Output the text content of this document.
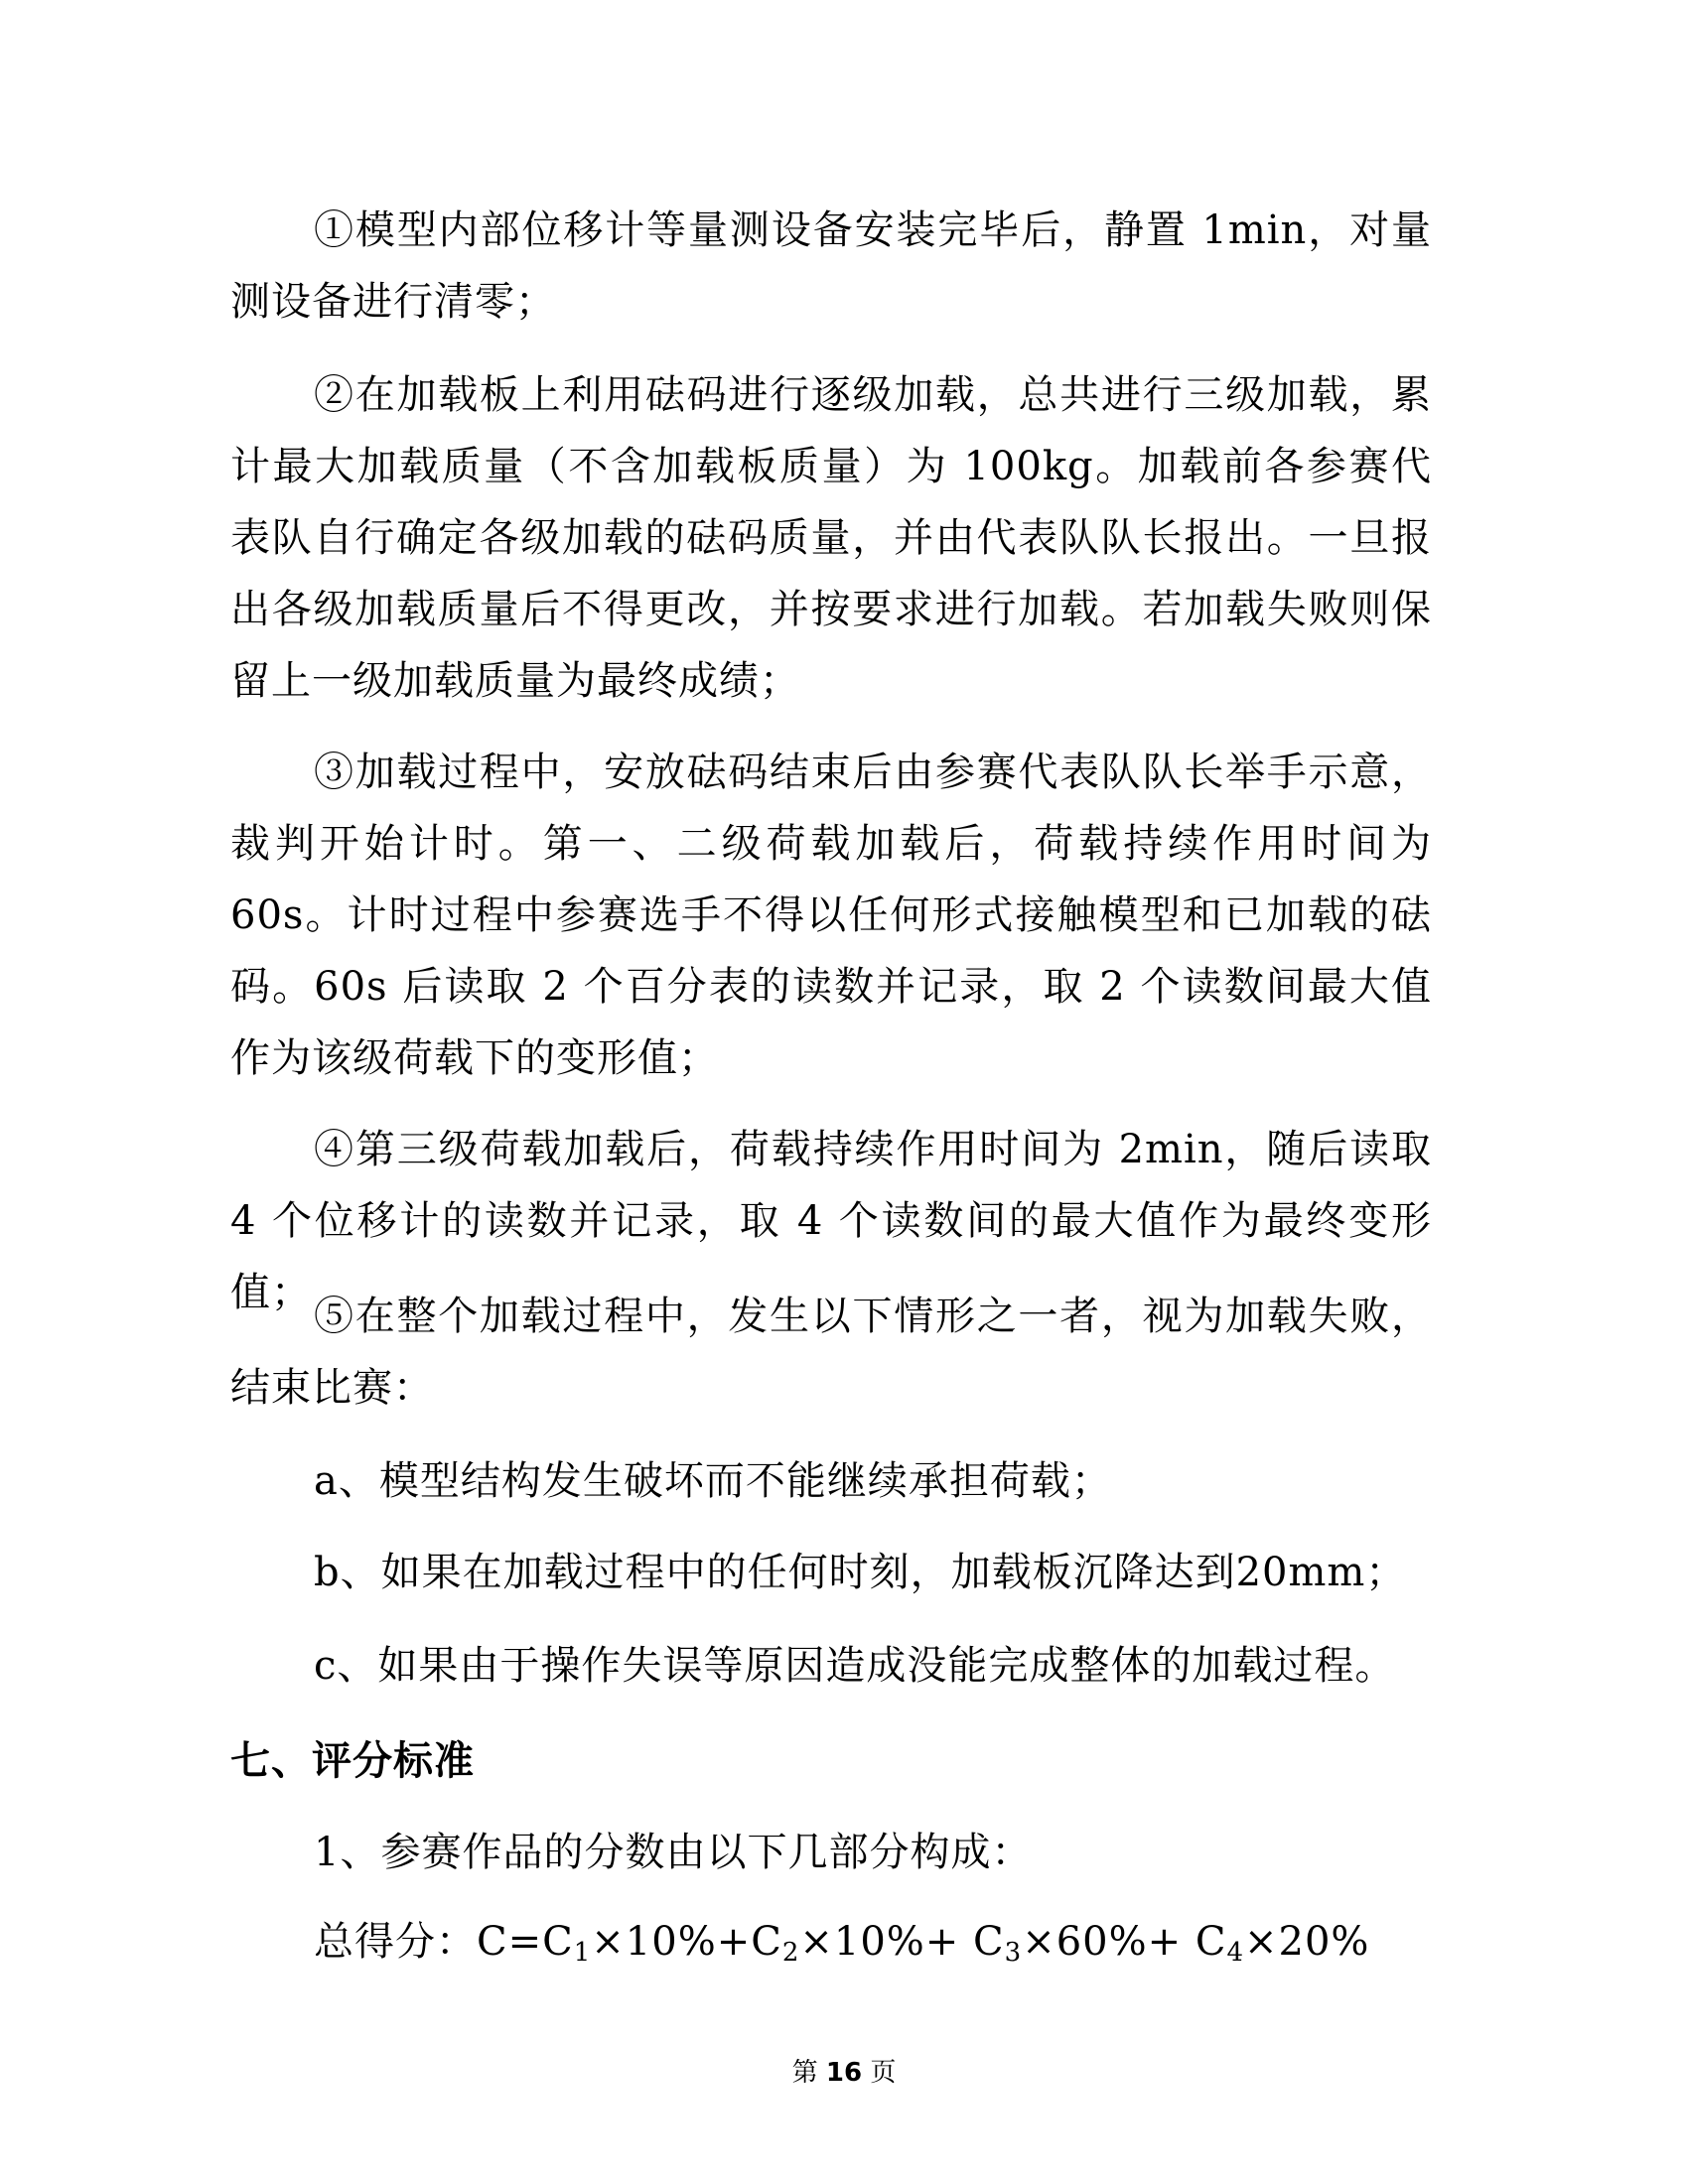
①模型内部位移计等量测设备安装完毕后，静置 1min，对量测设备进行清零；

②在加载板上利用砝码进行逐级加载，总共进行三级加载，累计最大加载质量（不含加载板质量）为 100kg。加载前各参赛代表队自行确定各级加载的砝码质量，并由代表队队长报出。一旦报出各级加载质量后不得更改，并按要求进行加载。若加载失败则保留上一级加载质量为最终成绩；

③加载过程中，安放砝码结束后由参赛代表队队长举手示意，裁判开始计时。第一、二级荷载加载后，荷载持续作用时间为 60s。计时过程中参赛选手不得以任何形式接触模型和已加载的砝码。60s 后读取 2 个百分表的读数并记录，取 2 个读数间最大值作为该级荷载下的变形值；

④第三级荷载加载后，荷载持续作用时间为 2min，随后读取 4 个位移计的读数并记录，取 4 个读数间的最大值作为最终变形值；

⑤在整个加载过程中，发生以下情形之一者，视为加载失败，结束比赛：

a、模型结构发生破坏而不能继续承担荷载；

b、如果在加载过程中的任何时刻，加载板沉降达到20mm；

c、如果由于操作失误等原因造成没能完成整体的加载过程。

七、评分标准

1、参赛作品的分数由以下几部分构成：

总得分：$C=C_1\times 10\%+C_2\times 10\%+ C_3\times 60\%+ C_4\times 20\%$

第 16 页
